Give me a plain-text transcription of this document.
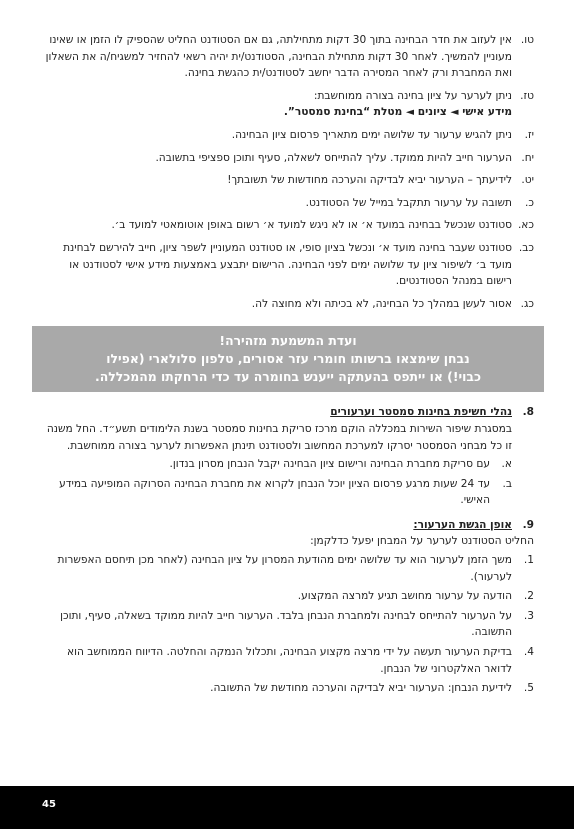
טו.
אין לעזוב את חדר הבחינה בתוך 30 דקות מתחילתה, גם אם הסטודנט החליט שהספיק לו הזמן או שאינו מעוניין להמשיך. לאחר 30 דקות מתחילת הבחינה, הסטודנט/ית יהיה רשאי להחזיר למשגיח/ה את השאלון ואת המחברת ורק לאחר המסירה הדבר יחשב לסטודנט/ית כהגשת בחינה.
טז.
ניתן לערער על ציון בחינה בצורה ממוחשבת:
מידע אישי ◄ ציונים ◄ מטלת “בחינת סמסטר”.
יז.
ניתן להגיש ערעור עד שלושה ימים מתאריך פרסום ציון הבחינה.
יח.
הערעור חייב להיות ממוקד. עליך להתייחס לשאלה, סעיף ותוכן ספציפי בתשובה.
יט.
לידיעתך – הערעור יביא לבדיקה והערכה מחודשות של תשובתך!
כ.
תשובה על ערעור תתקבל במייל של הסטודנט.
כא.
סטודנט שנכשל בבחינה במועד א׳ או לא ניגש למועד א׳ רשום באופן אוטומאטי למועד ב׳.
כב.
סטודנט שעבר בחינה מועד א׳ ונכשל בציון סופי, או סטודנט המעוניין לשפר ציון, חייב להירשם לבחינת מועד ב׳ לשיפור ציון עד שלושה ימים לפני הבחינה. הרישום יתבצע באמצעות מידע אישי לסטודנט או רישום במנהל הסטודנטים.
כג.
אסור לעשן במהלך כל הבחינה, לא בכיתה ולא מחוצה לה.
ועדת המשמעת מזהירה!
נבחן שימצאו ברשותו חומרי עזר אסורים, טלפון סלולארי (אפילו
כבוי!) או ייתפס בהעתקה ייענש בחומרה עד כדי הרחקתו מהמכללה.
8.
נהלי חשיפת בחינות סמסטר וערעורים
במסגרת שיפור השירות במכללה הוקם מרכז סריקת בחינות סמסטר בשנת הלימודים תשע״ד. החל משנה זו כל מבחני הסמסטר יסרקו למערכת המחשוב ולסטודנט תינתן האפשרות לערער בצורה ממוחשבת.
א.
עם סריקת מחברת הבחינה ורישום ציון הבחינה יקבל הנבחן מסרון בנדון.
ב.
עד 24 שעות מרגע פרסום הציון יוכל הנבחן לקרוא את מחברת הבחינה הסרוקה המופיעה במידע האישי.
9.
אופן הגשת הערעור:
החליט הסטודנט לערער על המבחן יפעל כדלקמן:
1.
משך הזמן לערעור הוא עד שלושה ימים מהודעת המסרון על ציון הבחינה (לאחר מכן תיחסם האפשרות לערעור).
2.
הודעה על ערעור מחושב תגיע למרצה המקצוע.
3.
על הערעור להתייחס לבחינה ולמחברת הנבחן בלבד. הערעור חייב להיות ממוקד בשאלה, סעיף, ותוכן התשובה.
4.
בדיקת הערעור תעשה על ידי מרצה מקצוע הבחינה, ותכלול הנמקה והחלטה. הדיווח הממוחשב הוא לדואר האלקטרוני של הנבחן.
5.
לידיעת הנבחן: הערעור יביא לבדיקה והערכה מחודשת של התשובה.
45
